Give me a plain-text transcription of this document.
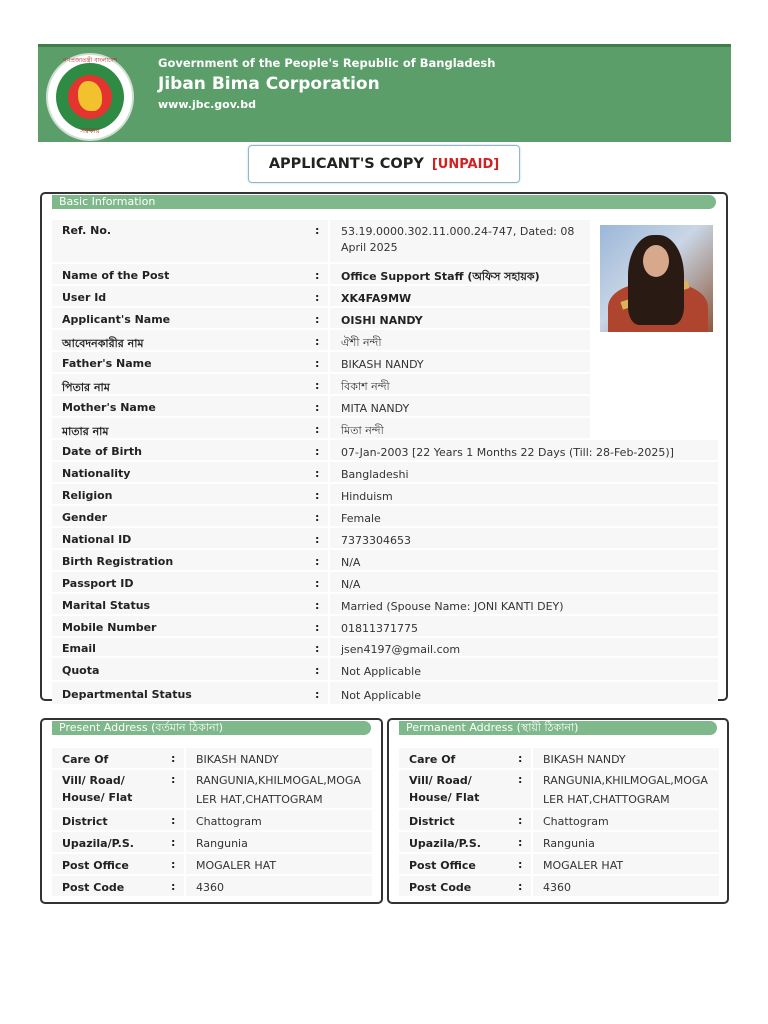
গণপ্রজাতন্ত্রী বাংলাদেশ
সরকার
Government of the People's Republic of Bangladesh
Jiban Bima Corporation
www.jbc.gov.bd
APPLICANT'S COPY [UNPAID]
Basic Information
Ref. No.	: 53.19.0000.302.11.000.24-747, Dated: 08
April 2025
Name of the Post	: Office Support Staff (অফিস সহায়ক)
User Id	: XK4FA9MW
Applicant's Name	: OISHI NANDY
আবেদনকারীর নাম	: ঐশী নন্দী
Father's Name	: BIKASH NANDY
পিতার নাম	: বিকাশ নন্দী
Mother's Name	: MITA NANDY
মাতার নাম	: মিতা নন্দী
Date of Birth	: 07-Jan-2003 [22 Years 1 Months 22 Days (Till: 28-Feb-2025)]
Nationality	: Bangladeshi
Religion	: Hinduism
Gender	: Female
National ID	: 7373304653
Birth Registration	: N/A
Passport ID	: N/A
Marital Status	: Married (Spouse Name: JONI KANTI DEY)
Mobile Number	: 01811371775
Email	: jsen4197@gmail.com
Quota	: Not Applicable
Departmental Status	: Not Applicable
Present Address (বর্তমান ঠিকানা)
Care Of	: BIKASH NANDY
Vill/ Road/
House/ Flat
: RANGUNIA,KHILMOGAL,MOGA
LER HAT,CHATTOGRAM
District	: Chattogram
Upazila/P.S.	: Rangunia
Post Office	: MOGALER HAT
Post Code	: 4360
Permanent Address (স্থায়ী ঠিকানা)
Care Of	: BIKASH NANDY
Vill/ Road/
House/ Flat
: RANGUNIA,KHILMOGAL,MOGA
LER HAT,CHATTOGRAM
District	: Chattogram
Upazila/P.S.	: Rangunia
Post Office	: MOGALER HAT
Post Code	: 4360
